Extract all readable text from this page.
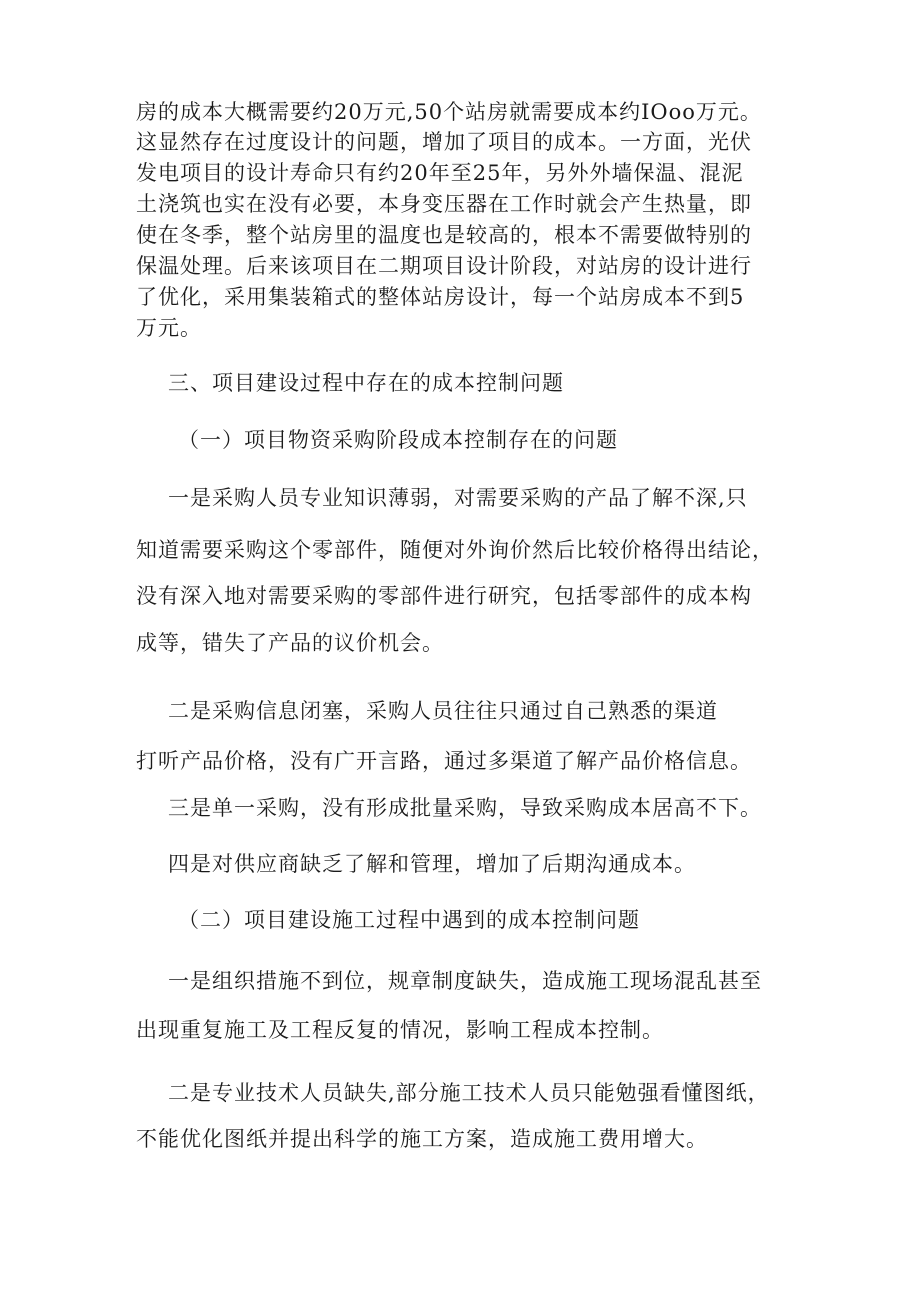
房的成本大概需要约20万元,50个站房就需要成本约IOoo万元。

这显然存在过度设计的问题，增加了项目的成本。一方面，光伏

发电项目的设计寿命只有约20年至25年，另外外墙保温、混泥

土浇筑也实在没有必要，本身变压器在工作时就会产生热量，即

使在冬季，整个站房里的温度也是较高的，根本不需要做特别的

保温处理。后来该项目在二期项目设计阶段，对站房的设计进行

了优化，采用集装箱式的整体站房设计，每一个站房成本不到5

万元。

三、项目建设过程中存在的成本控制问题

（一）项目物资采购阶段成本控制存在的问题

一是采购人员专业知识薄弱，对需要采购的产品了解不深,只

知道需要采购这个零部件，随便对外询价然后比较价格得出结论，

没有深入地对需要采购的零部件进行研究，包括零部件的成本构

成等，错失了产品的议价机会。

二是采购信息闭塞，采购人员往往只通过自己熟悉的渠道

打听产品价格，没有广开言路，通过多渠道了解产品价格信息。

三是单一采购，没有形成批量采购，导致采购成本居高不下。

四是对供应商缺乏了解和管理，增加了后期沟通成本。

（二）项目建设施工过程中遇到的成本控制问题

一是组织措施不到位，规章制度缺失，造成施工现场混乱甚至

出现重复施工及工程反复的情况，影响工程成本控制。

二是专业技术人员缺失,部分施工技术人员只能勉强看懂图纸，

不能优化图纸并提出科学的施工方案，造成施工费用增大。
